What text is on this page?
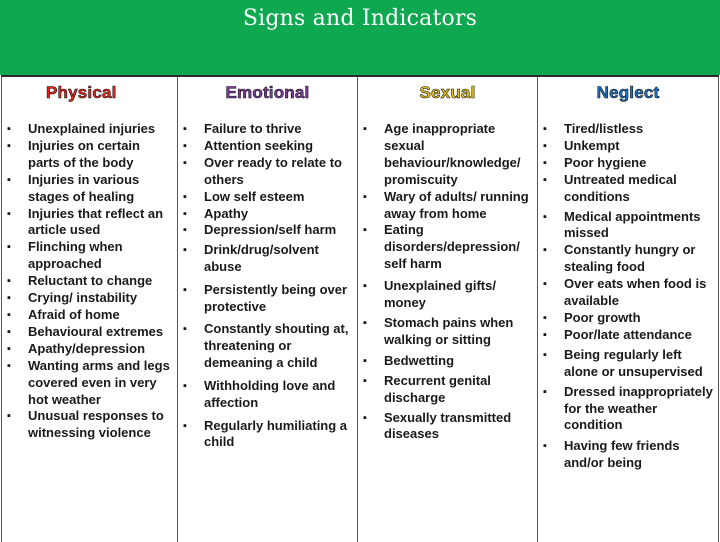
Signs and Indicators
Physical
▪ Unexplained injuries
▪ Injuries on certain parts of the body
▪ Injuries in various stages of healing
▪ Injuries that reflect an article used
▪ Flinching when approached
▪ Reluctant to change
▪ Crying/ instability
▪ Afraid of home
▪ Behavioural extremes
▪ Apathy/depression
▪ Wanting arms and legs covered even in very hot weather
▪ Unusual responses to witnessing violence
Emotional
▪ Failure to thrive
▪ Attention seeking
▪ Over ready to relate to others
▪ Low self esteem
▪ Apathy
▪ Depression/self harm
▪ Drink/drug/solvent abuse
▪ Persistently being over protective
▪ Constantly shouting at, threatening or demeaning a child
▪ Withholding love and affection
▪ Regularly humiliating a child
Sexual
▪ Age inappropriate sexual behaviour/knowledge/ promiscuity
▪ Wary of adults/ running away from home
▪ Eating disorders/depression/ self harm
▪ Unexplained gifts/ money
▪ Stomach pains when walking or sitting
▪ Bedwetting
▪ Recurrent genital discharge
▪ Sexually transmitted diseases
Neglect
▪ Tired/listless
▪ Unkempt
▪ Poor hygiene
▪ Untreated medical conditions
▪ Medical appointments missed
▪ Constantly hungry or stealing food
▪ Over eats when food is available
▪ Poor growth
▪ Poor/late attendance
▪ Being regularly left alone or unsupervised
▪ Dressed inappropriately for the weather condition
▪ Having few friends and/or being
